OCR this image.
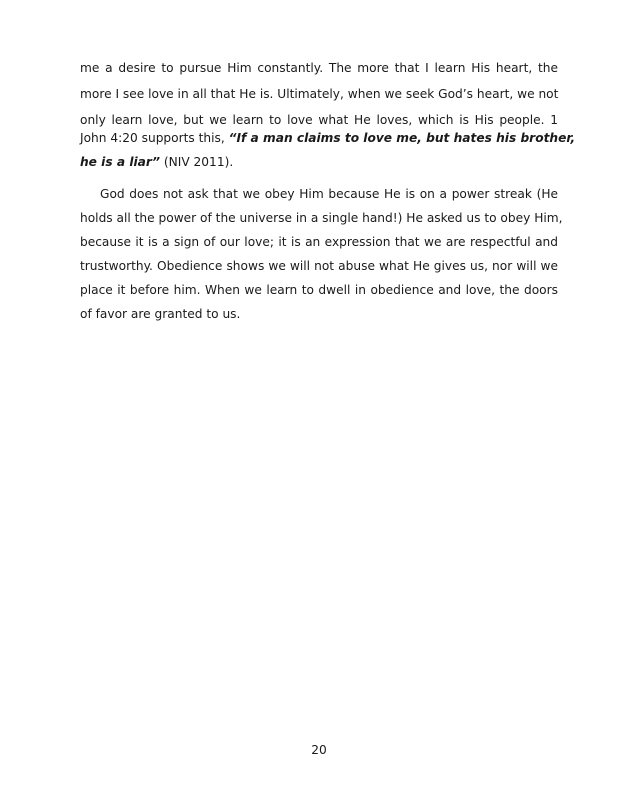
me a desire to pursue Him constantly. The more that I learn His heart, the
more I see love in all that He is. Ultimately, when we seek God’s heart, we not
only learn love, but we learn to love what He loves, which is His people. 1
John 4:20 supports this, “If a man claims to love me, but hates his brother,
he is a liar” (NIV 2011).
God does not ask that we obey Him because He is on a power streak (He
holds all the power of the universe in a single hand!) He asked us to obey Him,
because it is a sign of our love; it is an expression that we are respectful and
trustworthy. Obedience shows we will not abuse what He gives us, nor will we
place it before him. When we learn to dwell in obedience and love, the doors
of favor are granted to us.
20
